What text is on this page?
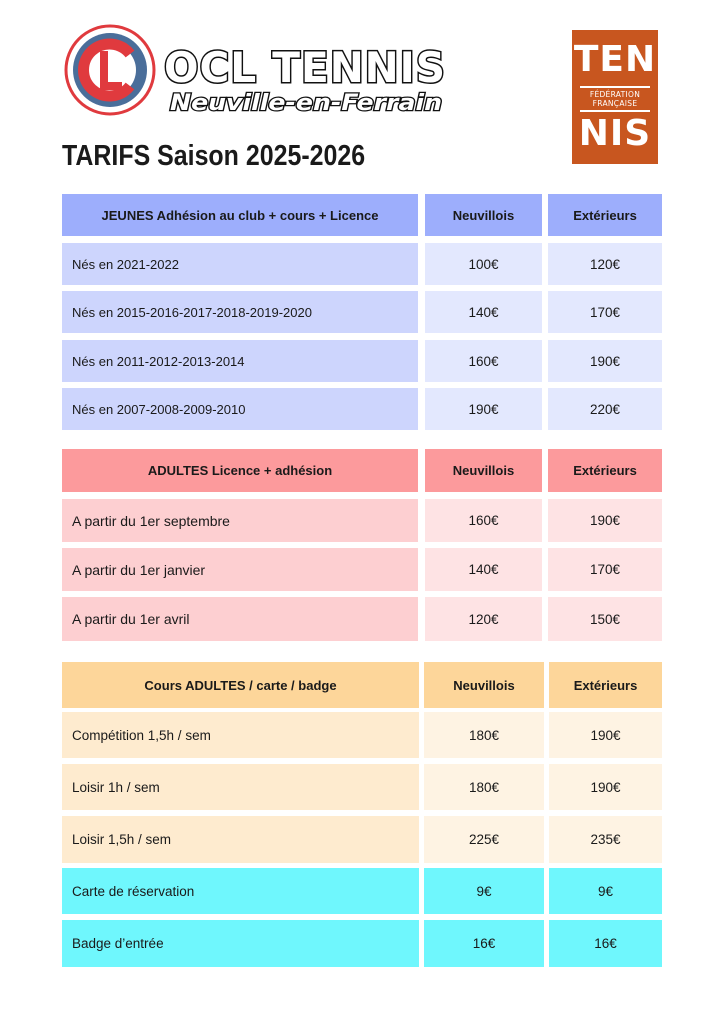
OCL TENNIS
Neuville-en-Ferrain
TEN
FÉDÉRATION
FRANÇAISE
NIS
TARIFS Saison 2025-2026
JEUNES Adhésion au club + cours + Licence	Neuvillois	Extérieurs
Nés en 2021-2022	100€	120€
Nés en 2015-2016-2017-2018-2019-2020	140€	170€
Nés en 2011-2012-2013-2014	160€	190€
Nés en 2007-2008-2009-2010	190€	220€
ADULTES Licence + adhésion	Neuvillois	Extérieurs
A partir du 1er septembre	160€	190€
A partir du 1er janvier	140€	170€
A partir du 1er avril	120€	150€
Cours ADULTES / carte / badge	Neuvillois	Extérieurs
Compétition 1,5h / sem	180€	190€
Loisir 1h / sem	180€	190€
Loisir 1,5h / sem	225€	235€
Carte de réservation	9€	9€
Badge d’entrée	16€	16€
